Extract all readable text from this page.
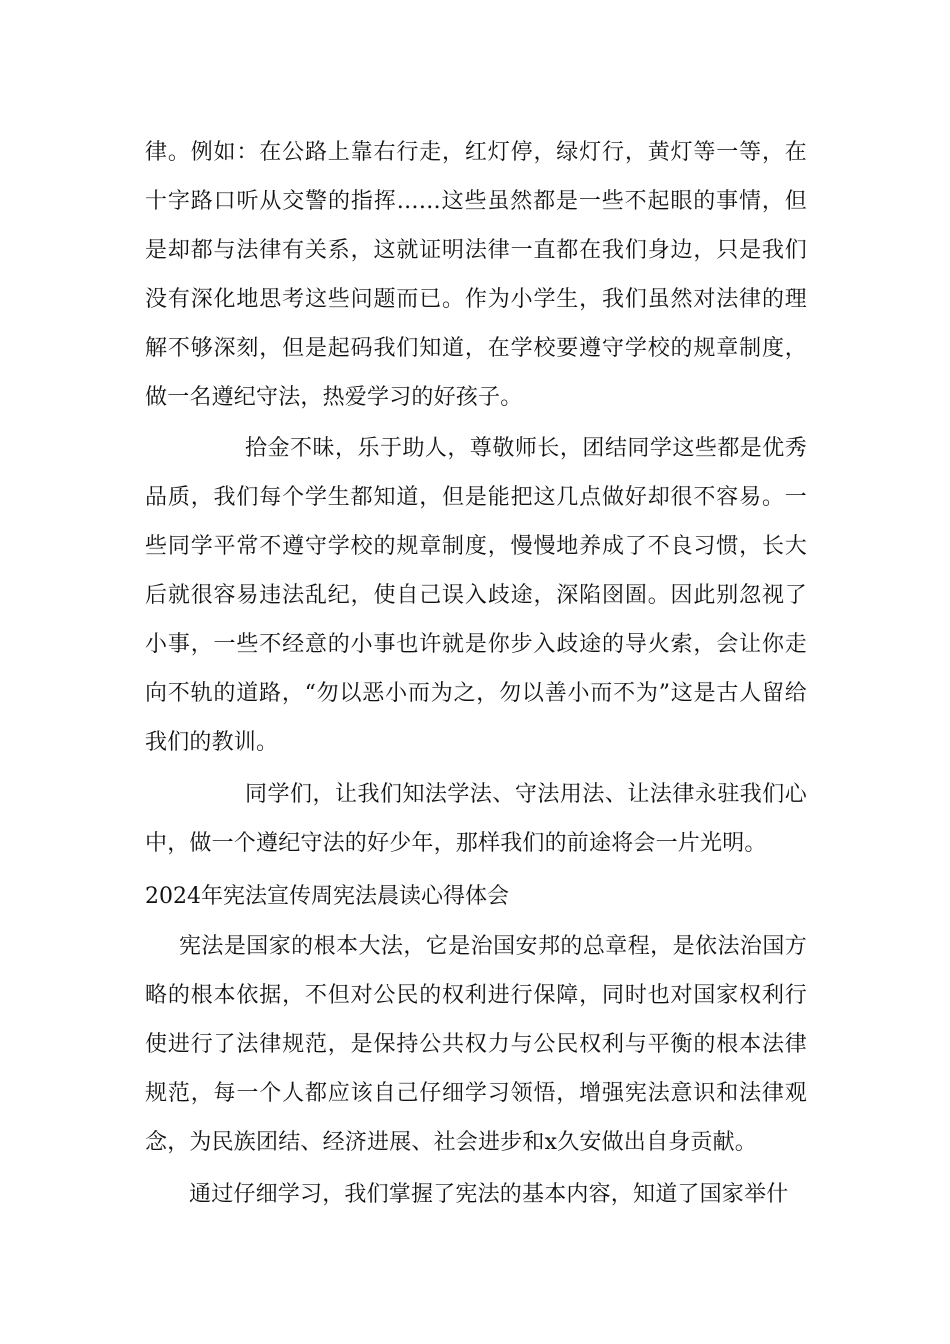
律。例如：在公路上靠右行走，红灯停，绿灯行，黄灯等一等，在十字路口听从交警的指挥……这些虽然都是一些不起眼的事情，但是却都与法律有关系，这就证明法律一直都在我们身边，只是我们没有深化地思考这些问题而已。作为小学生，我们虽然对法律的理解不够深刻，但是起码我们知道，在学校要遵守学校的规章制度，做一名遵纪守法，热爱学习的好孩子。

拾金不昧，乐于助人，尊敬师长，团结同学这些都是优秀品质，我们每个学生都知道，但是能把这几点做好却很不容易。一些同学平常不遵守学校的规章制度，慢慢地养成了不良习惯，长大后就很容易违法乱纪，使自己误入歧途，深陷囹圄。因此别忽视了小事，一些不经意的小事也许就是你步入歧途的导火索，会让你走向不轨的道路，“勿以恶小而为之，勿以善小而不为”这是古人留给我们的教训。

同学们，让我们知法学法、守法用法、让法律永驻我们心中，做一个遵纪守法的好少年，那样我们的前途将会一片光明。

2024年宪法宣传周宪法晨读心得体会

宪法是国家的根本大法，它是治国安邦的总章程，是依法治国方略的根本依据，不但对公民的权利进行保障，同时也对国家权利行使进行了法律规范，是保持公共权力与公民权利与平衡的根本法律规范，每一个人都应该自己仔细学习领悟，增强宪法意识和法律观念，为民族团结、经济进展、社会进步和x久安做出自身贡献。

通过仔细学习，我们掌握了宪法的基本内容，知道了国家举什
